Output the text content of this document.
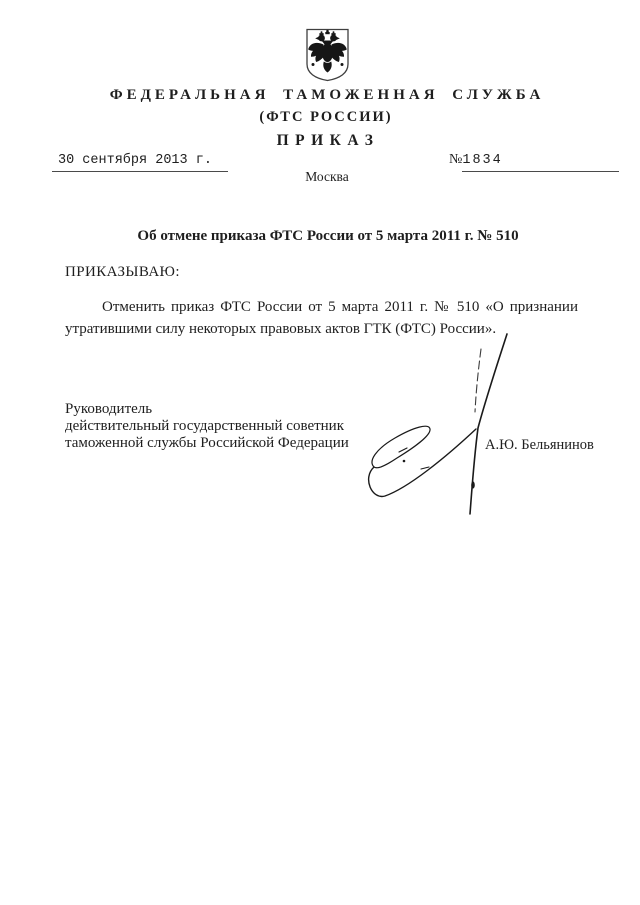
ФЕДЕРАЛЬНАЯ ТАМОЖЕННАЯ СЛУЖБА
(ФТС РОССИИ)
ПРИКАЗ
30 сентября 2013 г.	№1834
Москва
Об отмене приказа ФТС России от 5 марта 2011 г. № 510
ПРИКАЗЫВАЮ:
Отменить приказ ФТС России от 5 марта 2011 г. № 510 «О признании утратившими силу некоторых правовых актов ГТК (ФТС) России».
Руководитель
действительный государственный советник
таможенной службы Российской Федерации	А.Ю. Бельянинов
